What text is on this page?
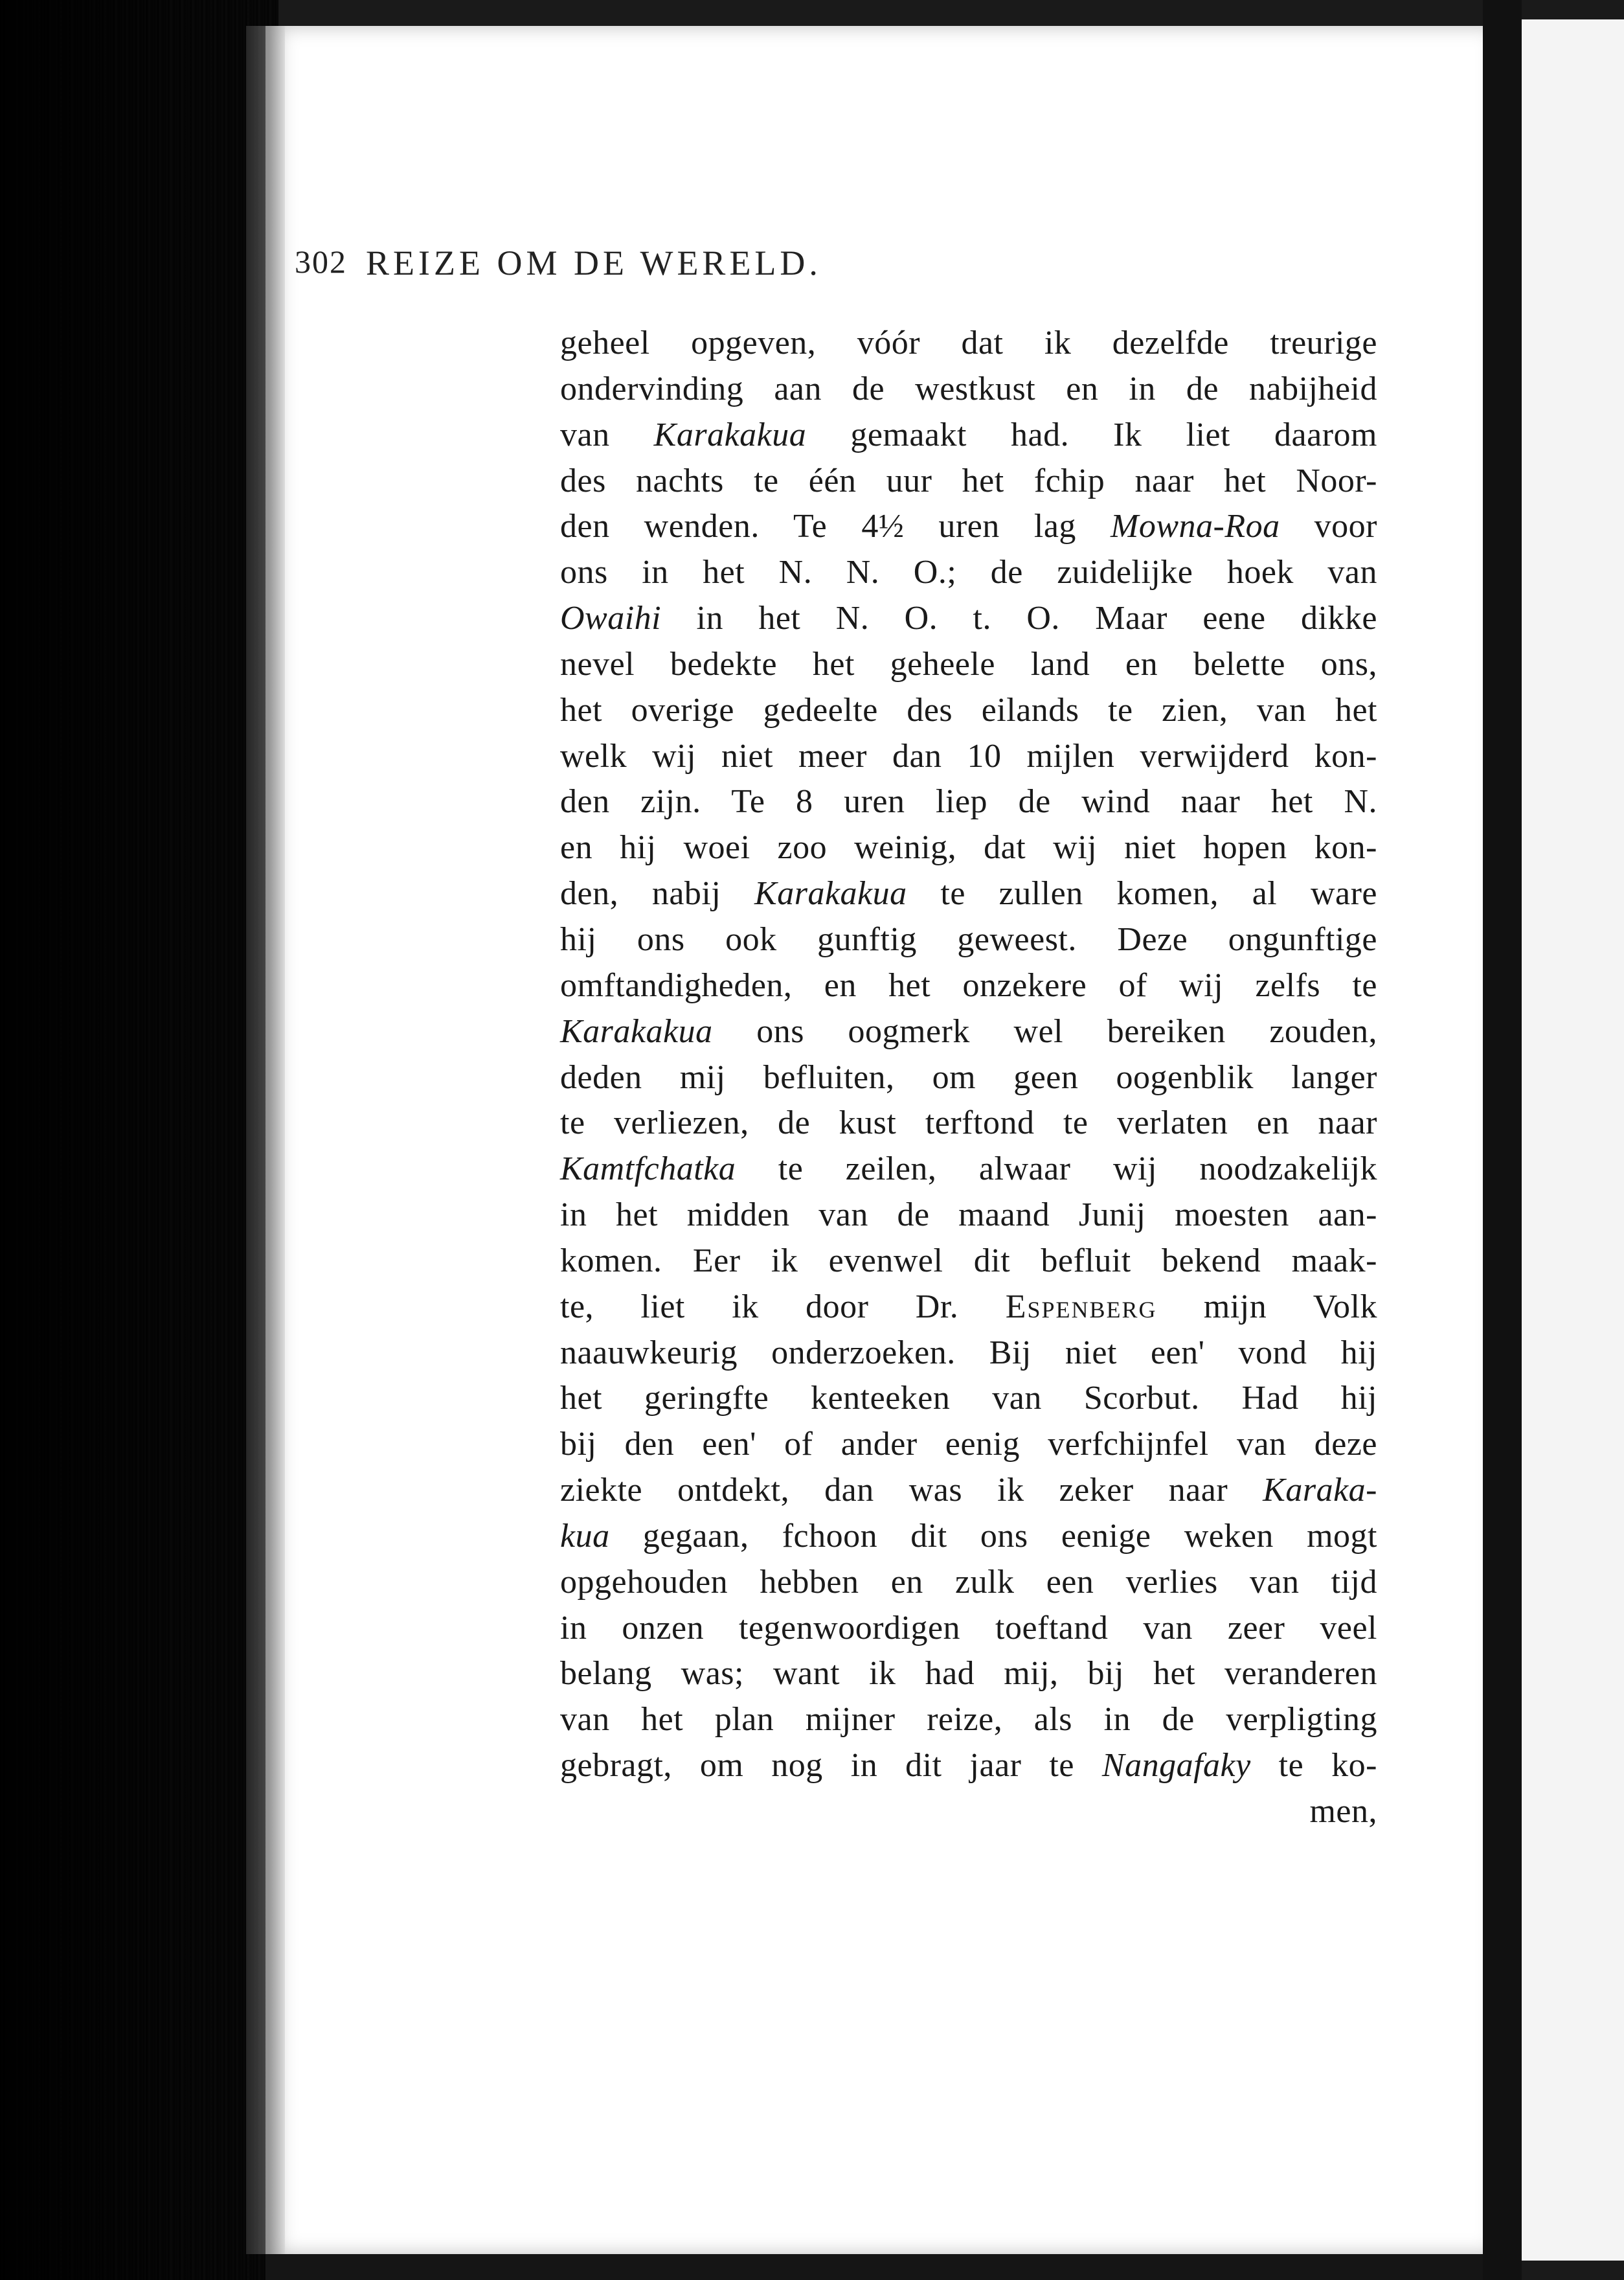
302 REIZE OM DE WERELD.
geheel opgeven, vóór dat ik dezelfde treurige
ondervinding aan de westkust en in de nabijheid
van Karakakua gemaakt had. Ik liet daarom
des nachts te één uur het fchip naar het Noor-
den wenden. Te 4½ uren lag Mowna-Roa voor
ons in het N. N. O.; de zuidelijke hoek van
Owaihi in het N. O. t. O. Maar eene dikke
nevel bedekte het geheele land en belette ons,
het overige gedeelte des eilands te zien, van het
welk wij niet meer dan 10 mijlen verwijderd kon-
den zijn. Te 8 uren liep de wind naar het N.
en hij woei zoo weinig, dat wij niet hopen kon-
den, nabij Karakakua te zullen komen, al ware
hij ons ook gunftig geweest. Deze ongunftige
omftandigheden, en het onzekere of wij zelfs te
Karakakua ons oogmerk wel bereiken zouden,
deden mij befluiten, om geen oogenblik langer
te verliezen, de kust terftond te verlaten en naar
Kamtfchatka te zeilen, alwaar wij noodzakelijk
in het midden van de maand Junij moesten aan-
komen. Eer ik evenwel dit befluit bekend maak-
te, liet ik door Dr. Espenberg mijn Volk
naauwkeurig onderzoeken. Bij niet een' vond hij
het geringfte kenteeken van Scorbut. Had hij
bij den een' of ander eenig verfchijnfel van deze
ziekte ontdekt, dan was ik zeker naar Karaka-
kua gegaan, fchoon dit ons eenige weken mogt
opgehouden hebben en zulk een verlies van tijd
in onzen tegenwoordigen toeftand van zeer veel
belang was; want ik had mij, bij het veranderen
van het plan mijner reize, als in de verpligting
gebragt, om nog in dit jaar te Nangafaky te ko-
men,
